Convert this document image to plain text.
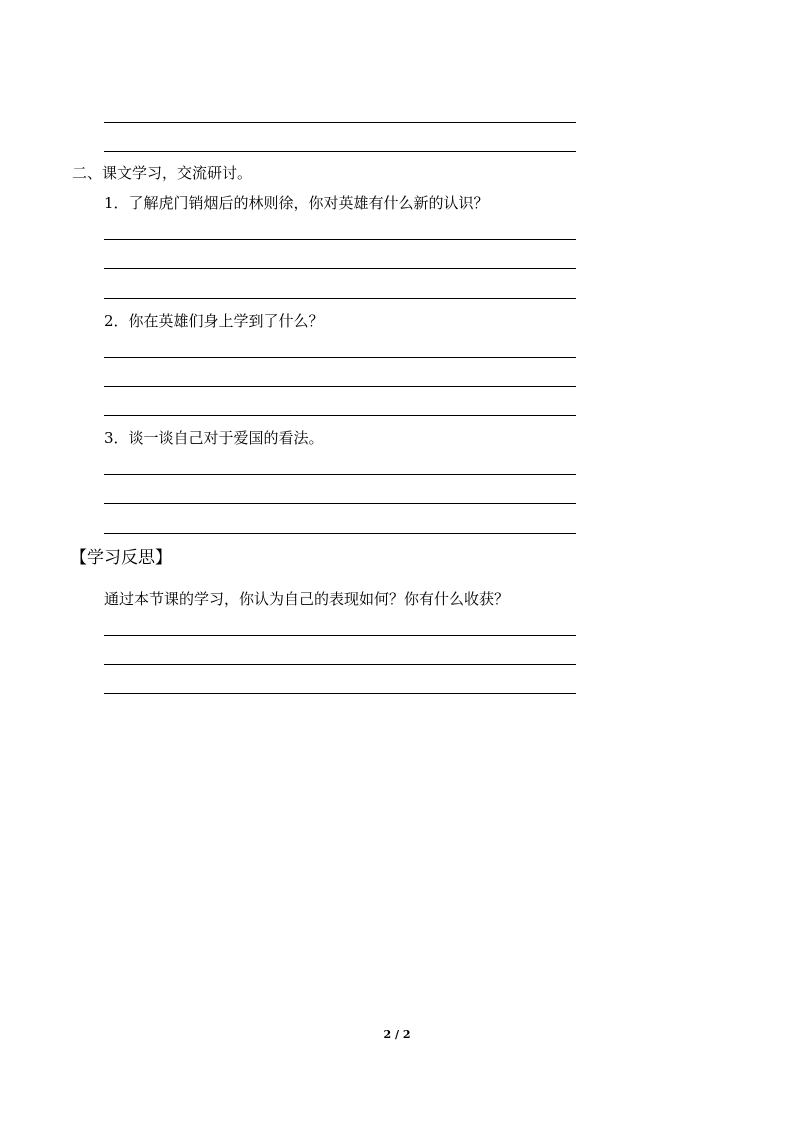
二、课文学习，交流研讨。
1．了解虎门销烟后的林则徐，你对英雄有什么新的认识？
2．你在英雄们身上学到了什么？
3．谈一谈自己对于爱国的看法。
【学习反思】
通过本节课的学习，你认为自己的表现如何？你有什么收获？
2 / 2
